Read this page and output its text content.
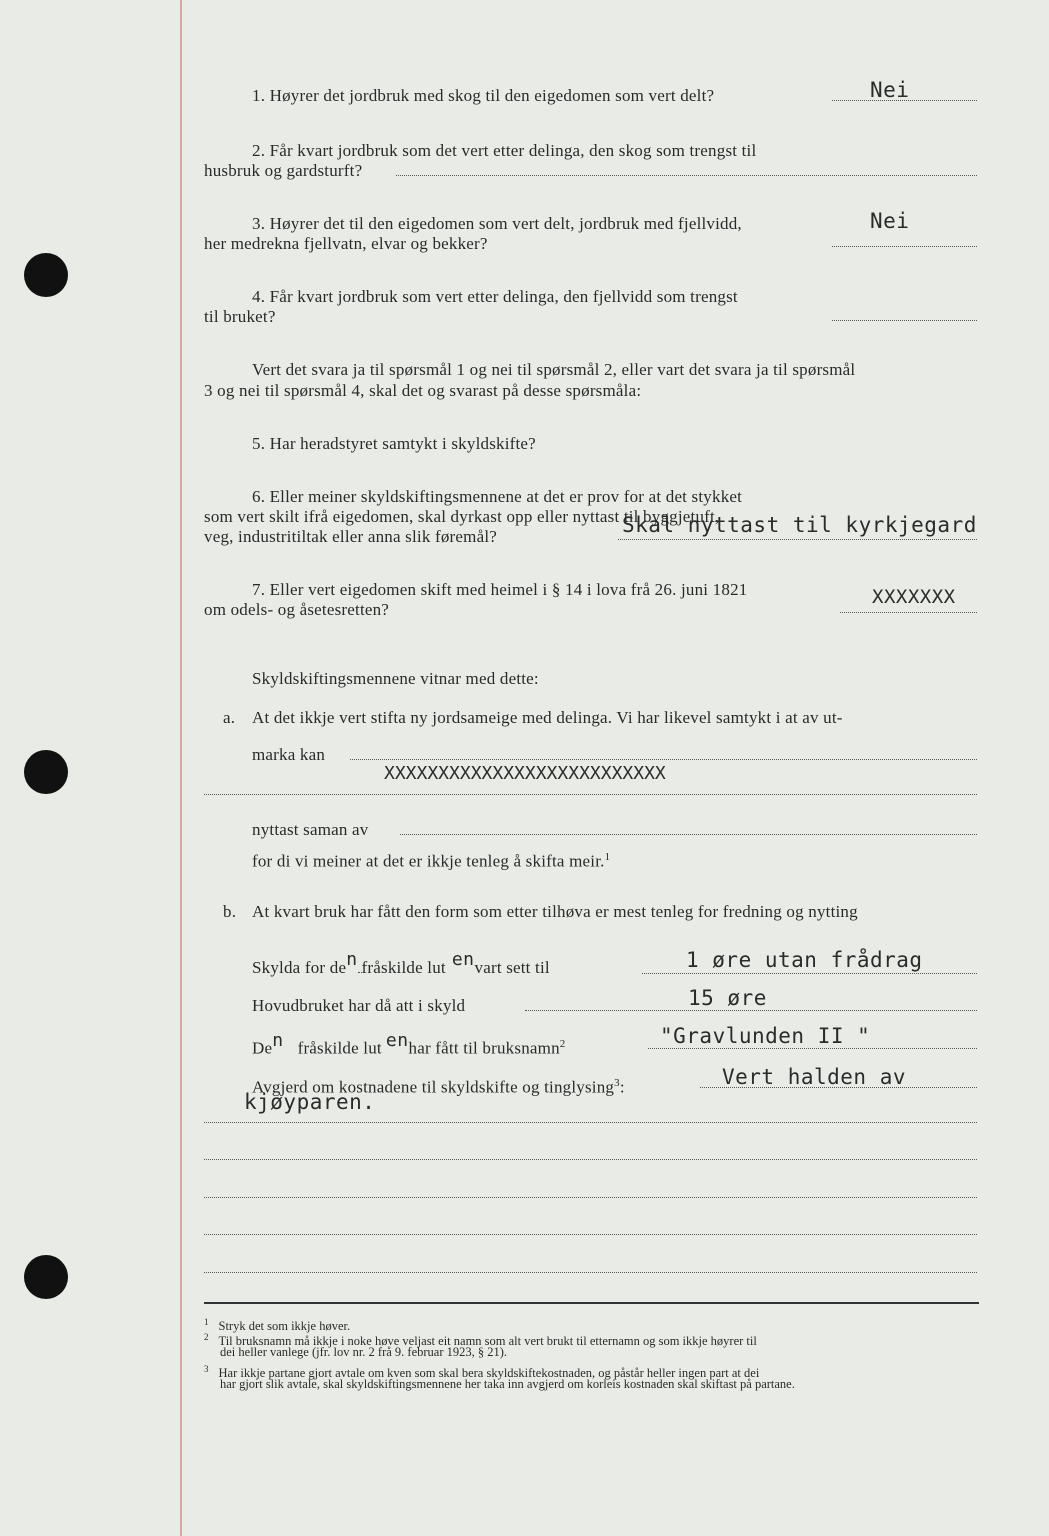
1. Høyrer det jordbruk med skog til den eigedomen som vert delt?	Nei
2. Får kvart jordbruk som det vert etter delinga, den skog som trengst til
husbruk og gardsturft?
3. Høyrer det til den eigedomen som vert delt, jordbruk med fjellvidd,
her medrekna fjellvatn, elvar og bekker?
Nei
4. Får kvart jordbruk som vert etter delinga, den fjellvidd som trengst
til bruket?
Vert det svara ja til spørsmål 1 og nei til spørsmål 2, eller vart det svara ja til spørsmål
3 og nei til spørsmål 4, skal det og svarast på desse spørsmåla:
5. Har heradstyret samtykt i skyldskifte?
6. Eller meiner skyldskiftingsmennene at det er prov for at det stykket
som vert skilt ifrå eigedomen, skal dyrkast opp eller nyttast til byggjetuft,
veg, industritiltak eller anna slik føremål?	Skal nyttast til kyrkjegard
7. Eller vert eigedomen skift med heimel i § 14 i lova frå 26. juni 1821
om odels- og åsetesretten?
XXXXXXX
Skyldskiftingsmennene vitnar med dette:
a. At det ikkje vert stifta ny jordsameige med delinga. Vi har likevel samtykt i at av ut-
marka kan
XXXXXXXXXXXXXXXXXXXXXXXXXX
nyttast saman av
for di vi meiner at det er ikkje tenleg å skifta meir.$^1$
b. At kvart bruk har fått den form som etter tilhøva er mest tenleg for fredning og nytting
Skylda for den fråskilde lut envart sett til	1 øre utan frådrag
Hovudbruket har då att i skyld	15 øre
Den fråskilde lut enhar fått til bruksnamn$^2$	"Gravlunden II "
Avgjerd om kostnadene til skyldskifte og tinglysing$^3$:	Vert halden av
kjøyparen.
$^1$ Stryk det som ikkje høver.
$^2$ Til bruksnamn må ikkje i noke høve veljast eit namn som alt vert brukt til etternamn og som ikkje høyrer til
dei heller vanlege (jfr. lov nr. 2 frå 9. februar 1923, § 21).
$^3$ Har ikkje partane gjort avtale om kven som skal bera skyldskiftekostnaden, og påstår heller ingen part at dei
har gjort slik avtale, skal skyldskiftingsmennene her taka inn avgjerd om korleis kostnaden skal skiftast på partane.
